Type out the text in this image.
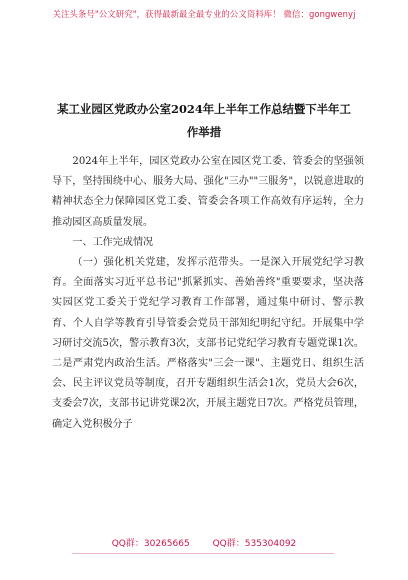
关注头条号"公文研究"，获得最新最全最专业的公文资料库！ 微信：gongwenyj
某工业园区党政办公室2024年上半年工作总结暨下半年工
作举措

2024年上半年，园区党政办公室在园区党工委、管委会的坚强领导下，坚持围绕中心、服务大局、强化"三办""三服务"，以锐意进取的精神状态全力保障园区党工委、管委会各项工作高效有序运转，全力推动园区高质量发展。

一、工作完成情况

（一）强化机关党建，发挥示范带头。一是深入开展党纪学习教育。全面落实习近平总书记"抓紧抓实、善始善终"重要要求，坚决落实园区党工委关于党纪学习教育工作部署，通过集中研讨、警示教育、个人自学等教育引导管委会党员干部知纪明纪守纪。开展集中学习研讨交流5次，警示教育3次，支部书记党纪学习教育专题党课1次。二是严肃党内政治生活。严格落实"三会一课"、主题党日、组织生活会、民主评议党员等制度，召开专题组织生活会1次，党员大会6次，支委会7次，支部书记讲党课2次，开展主题党日7次。严格党员管理，确定入党积极分子

QQ群：30265665	QQ群：535304092
